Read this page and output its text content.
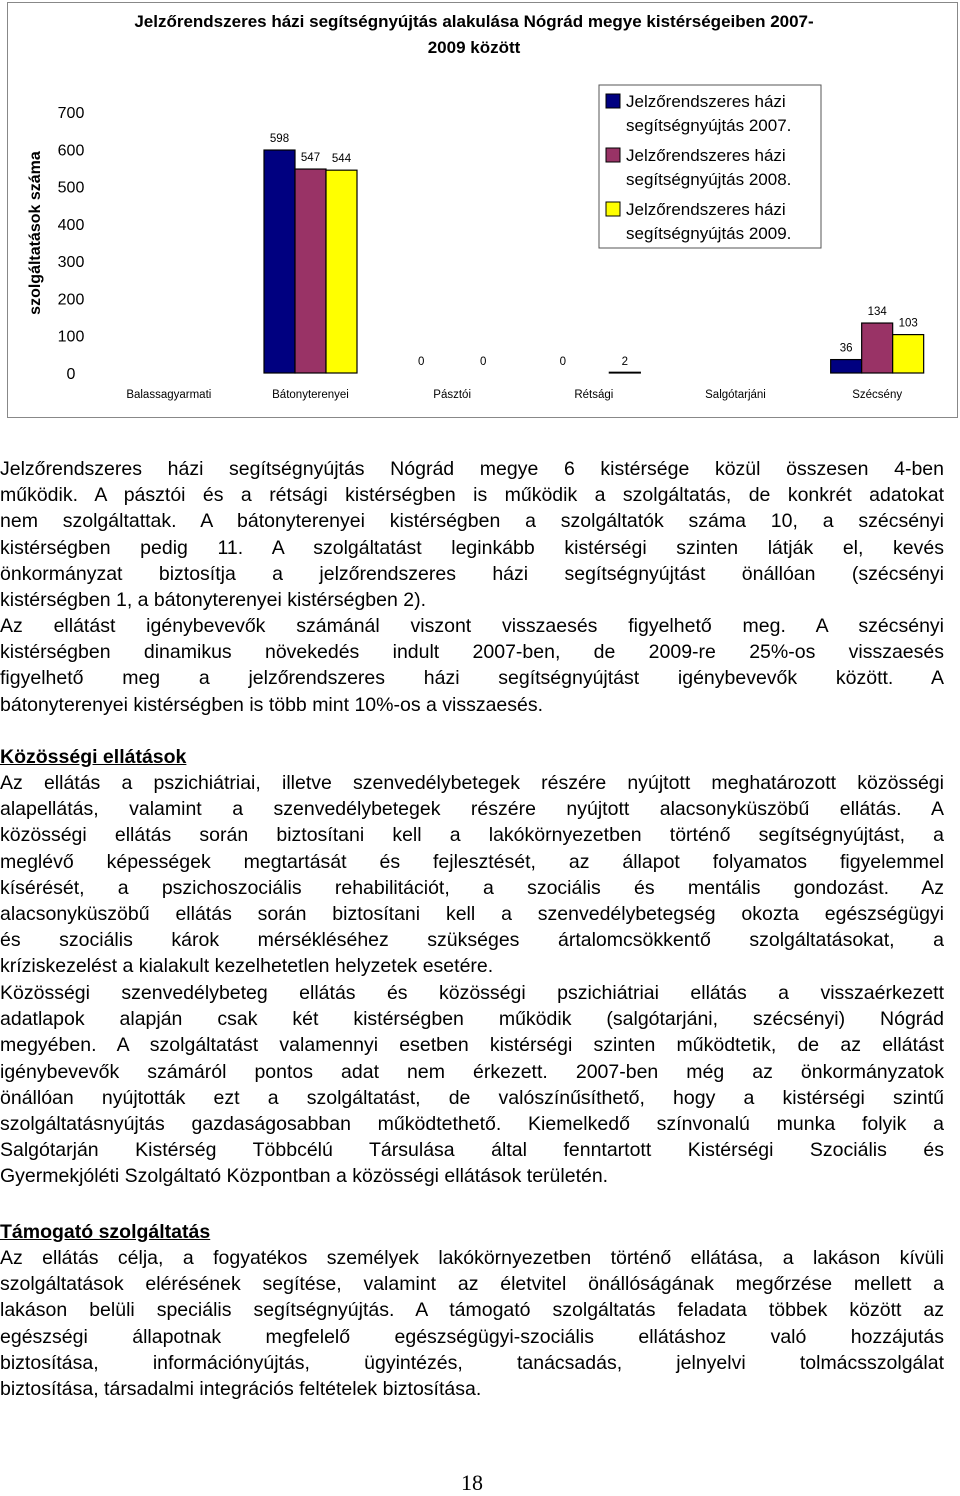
Jelzőrendszeres házi segítségnyújtás alakulása Nógrád megye kistérségeiben 2007-
2009 között
szolgáltatások száma
0
100
200
300
400
500
600
700
Balassagyarmati	Bátonyterenyei	Pásztói	Rétsági	Salgótarjáni	Szécsény
598
0	0
36
547
134
544
0	2
103
Jelzőrendszeres házi
segítségnyújtás 2007.
Jelzőrendszeres házi
segítségnyújtás 2008.
Jelzőrendszeres házi
segítségnyújtás 2009.
Jelzőrendszeres házi segítségnyújtás Nógrád megye 6 kistérsége közül összesen 4-ben
működik. A pásztói és a rétsági kistérségben is működik a szolgáltatás, de konkrét adatokat
nem szolgáltattak. A bátonyterenyei kistérségben a szolgáltatók száma 10, a szécsényi
kistérségben pedig 11. A szolgáltatást leginkább kistérségi szinten látják el, kevés
önkormányzat biztosítja a jelzőrendszeres házi segítségnyújtást önállóan (szécsényi
kistérségben 1, a bátonyterenyei kistérségben 2).
Az ellátást igénybevevők számánál viszont visszaesés figyelhető meg. A szécsényi
kistérségben dinamikus növekedés indult 2007-ben, de 2009-re 25%-os visszaesés
figyelhető meg a jelzőrendszeres házi segítségnyújtást igénybevevők között. A
bátonyterenyei kistérségben is több mint 10%-os a visszaesés.
Közösségi ellátások
Az ellátás a pszichiátriai, illetve szenvedélybetegek részére nyújtott meghatározott közösségi
alapellátás, valamint a szenvedélybetegek részére nyújtott alacsonyküszöbű ellátás. A
közösségi ellátás során biztosítani kell a lakókörnyezetben történő segítségnyújtást, a
meglévő képességek megtartását és fejlesztését, az állapot folyamatos figyelemmel
kísérését, a pszichoszociális rehabilitációt, a szociális és mentális gondozást. Az
alacsonyküszöbű ellátás során biztosítani kell a szenvedélybetegség okozta egészségügyi
és szociális károk mérsékléséhez szükséges ártalomcsökkentő szolgáltatásokat, a
kríziskezelést a kialakult kezelhetetlen helyzetek esetére.
Közösségi szenvedélybeteg ellátás és közösségi pszichiátriai ellátás a visszaérkezett
adatlapok alapján csak két kistérségben működik (salgótarjáni, szécsényi) Nógrád
megyében. A szolgáltatást valamennyi esetben kistérségi szinten működtetik, de az ellátást
igénybevevők számáról pontos adat nem érkezett. 2007-ben még az önkormányzatok
önállóan nyújtották ezt a szolgáltatást, de valószínűsíthető, hogy a kistérségi szintű
szolgáltatásnyújtás gazdaságosabban működtethető. Kiemelkedő színvonalú munka folyik a
Salgótarján Kistérség Többcélú Társulása által fenntartott Kistérségi Szociális és
Gyermekjóléti Szolgáltató Központban a közösségi ellátások területén.
Támogató szolgáltatás
Az ellátás célja, a fogyatékos személyek lakókörnyezetben történő ellátása, a lakáson kívüli
szolgáltatások elérésének segítése, valamint az életvitel önállóságának megőrzése mellett a
lakáson belüli speciális segítségnyújtás. A támogató szolgáltatás feladata többek között az
egészségi állapotnak megfelelő egészségügyi-szociális ellátáshoz való hozzájutás
biztosítása, információnyújtás, ügyintézés, tanácsadás, jelnyelvi tolmácsszolgálat
biztosítása, társadalmi integrációs feltételek biztosítása.
18
